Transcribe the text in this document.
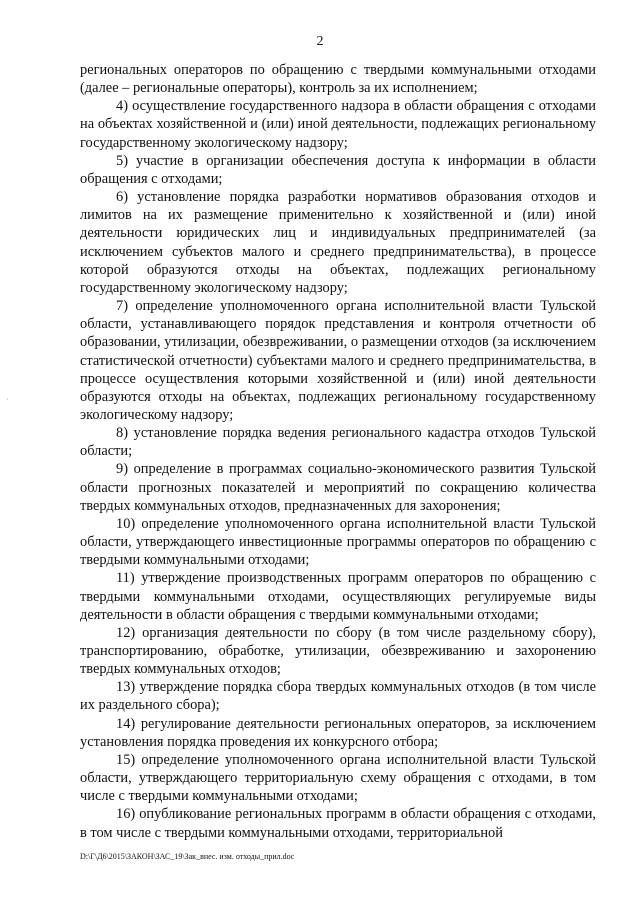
2

региональных операторов по обращению с твердыми коммунальными отходами (далее – региональные операторы), контроль за их исполнением;

4) осуществление государственного надзора в области обращения с отходами на объектах хозяйственной и (или) иной деятельности, подлежащих региональному государственному экологическому надзору;

5) участие в организации обеспечения доступа к информации в области обращения с отходами;

6) установление порядка разработки нормативов образования отходов и лимитов на их размещение применительно к хозяйственной и (или) иной деятельности юридических лиц и индивидуальных предпринимателей (за исключением субъектов малого и среднего предпринимательства), в процессе которой образуются отходы на объектах, подлежащих региональному государственному экологическому надзору;

7) определение уполномоченного органа исполнительной власти Тульской области, устанавливающего порядок представления и контроля отчетности об образовании, утилизации, обезвреживании, о размещении отходов (за исключением статистической отчетности) субъектами малого и среднего предпринимательства, в процессе осуществления которыми хозяйственной и (или) иной деятельности образуются отходы на объектах, подлежащих региональному государственному экологическому надзору;

8) установление порядка ведения регионального кадастра отходов Тульской области;

9) определение в программах социально-экономического развития Тульской области прогнозных показателей и мероприятий по сокращению количества твердых коммунальных отходов, предназначенных для захоронения;

10) определение уполномоченного органа исполнительной власти Тульской области, утверждающего инвестиционные программы операторов по обращению с твердыми коммунальными отходами;

11) утверждение производственных программ операторов по обращению с твердыми коммунальными отходами, осуществляющих регулируемые виды деятельности в области обращения с твердыми коммунальными отходами;

12) организация деятельности по сбору (в том числе раздельному сбору), транспортированию, обработке, утилизации, обезвреживанию и захоронению твердых коммунальных отходов;

13) утверждение порядка сбора твердых коммунальных отходов (в том числе их раздельного сбора);

14) регулирование деятельности региональных операторов, за исключением установления порядка проведения их конкурсного отбора;

15) определение уполномоченного органа исполнительной власти Тульской области, утверждающего территориальную схему обращения с отходами, в том числе с твердыми коммунальными отходами;

16) опубликование региональных программ в области обращения с отходами, в том числе с твердыми коммунальными отходами, территориальной

D:\Г\Д6\2015\ЗАКОН\ЗАС_19\Зак_внес. изм. отходы_прил.doc
,
